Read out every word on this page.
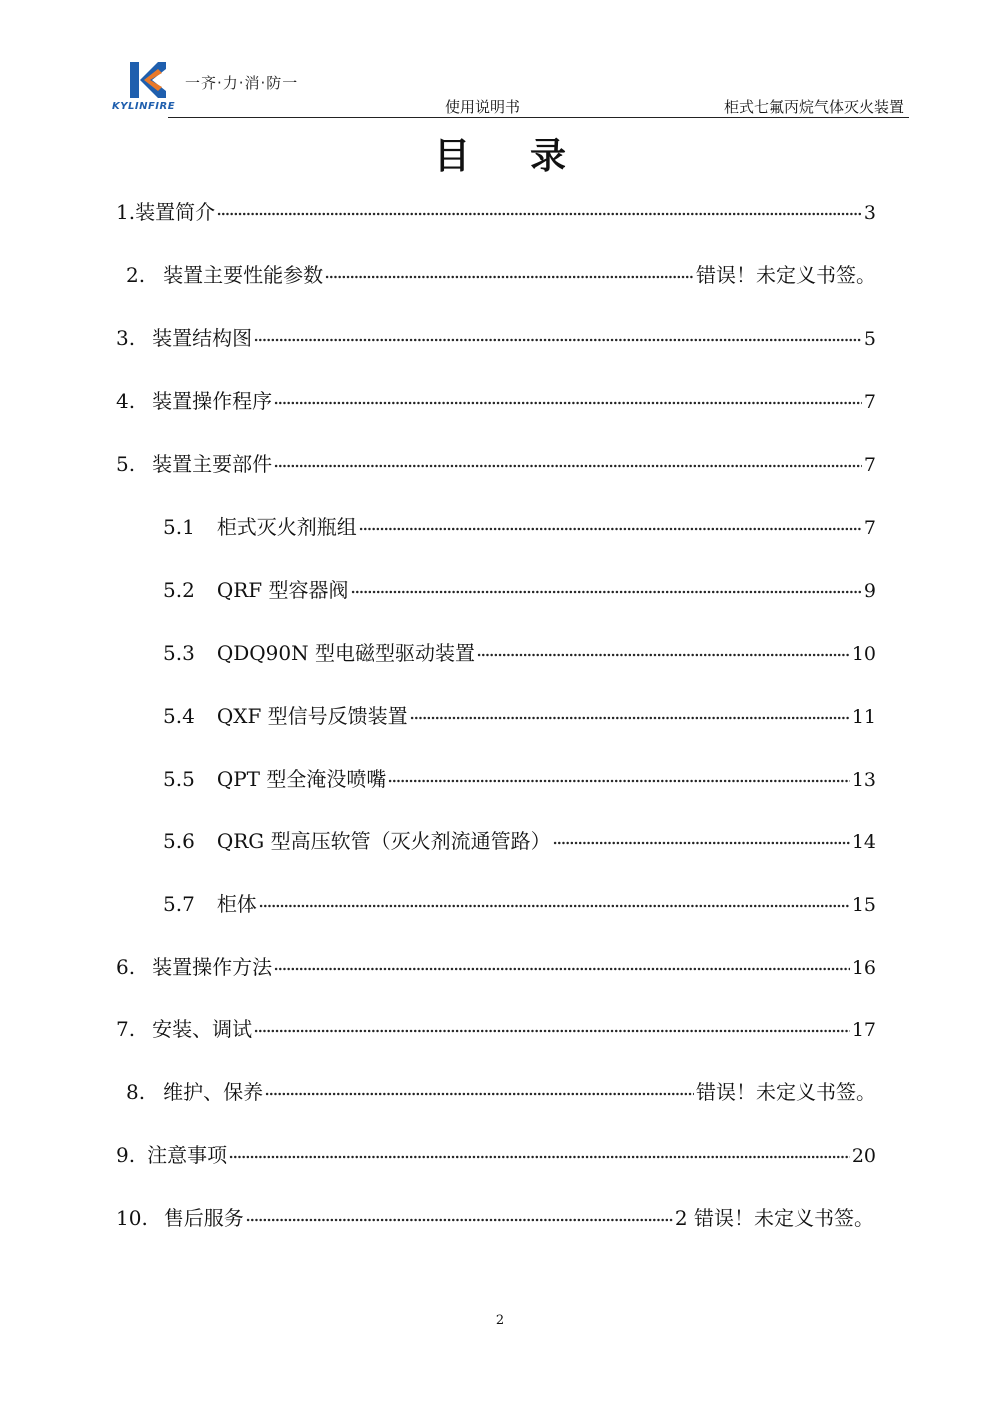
一齐·力·消·防一
KYLINFIRE	使用说明书	柜式七氟丙烷气体灭火装置
目录
1. 装置简介	3
2. 装置主要性能参数	错误！未定义书签。
3. 装置结构图	5
4. 装置操作程序	7
5. 装置主要部件	7
5.1 柜式灭火剂瓶组	7
5.2 QRF 型容器阀	9
5.3 QDQ90N 型电磁型驱动装置	10
5.4 QXF 型信号反馈装置	11
5.5 QPT 型全淹没喷嘴	13
5.6 QRG 型高压软管（灭火剂流通管路）	14
5.7 柜体	15
6. 装置操作方法	16
7. 安装、调试	17
8. 维护、保养	错误！未定义书签。
9. 注意事项	20
10. 售后服务	2 错误！未定义书签。
2
